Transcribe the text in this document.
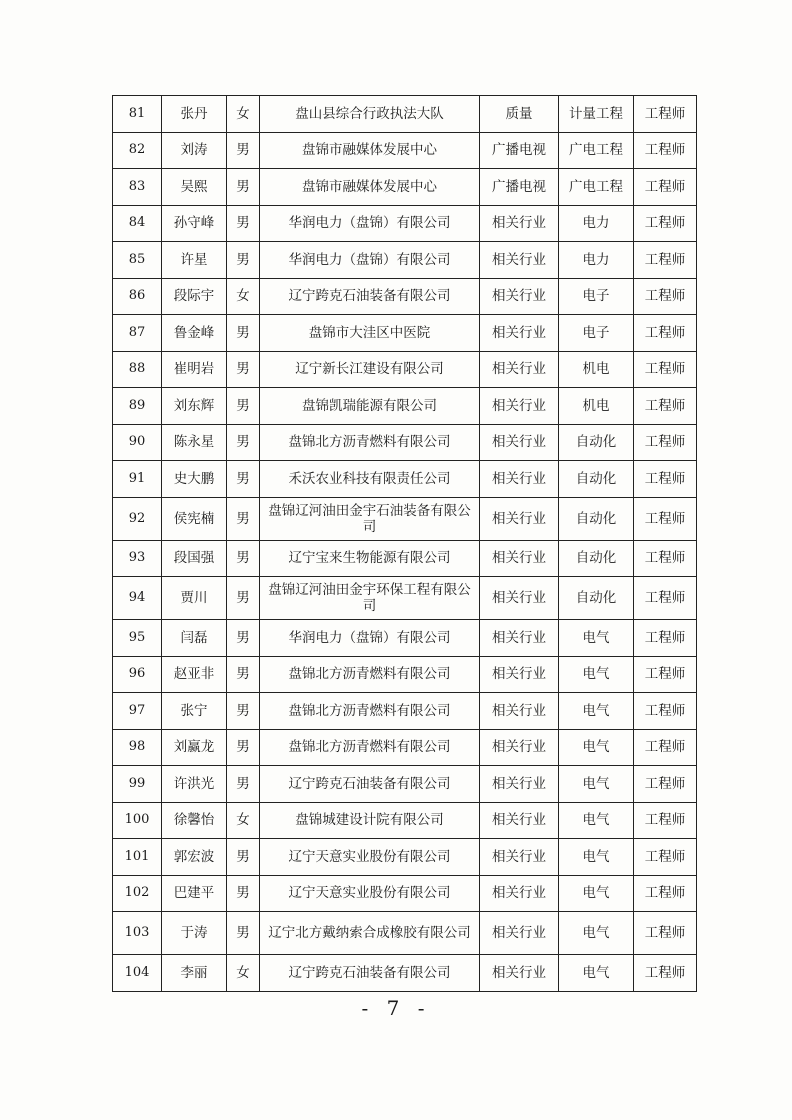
81	张丹	女	盘山县综合行政执法大队	质量	计量工程	工程师
82	刘涛	男	盘锦市融媒体发展中心	广播电视	广电工程	工程师
83	吴熙	男	盘锦市融媒体发展中心	广播电视	广电工程	工程师
84	孙守峰	男	华润电力（盘锦）有限公司	相关行业	电力	工程师
85	许星	男	华润电力（盘锦）有限公司	相关行业	电力	工程师
86	段际宇	女	辽宁跨克石油装备有限公司	相关行业	电子	工程师
87	鲁金峰	男	盘锦市大洼区中医院	相关行业	电子	工程师
88	崔明岩	男	辽宁新长江建设有限公司	相关行业	机电	工程师
89	刘东辉	男	盘锦凯瑞能源有限公司	相关行业	机电	工程师
90	陈永星	男	盘锦北方沥青燃料有限公司	相关行业	自动化	工程师
91	史大鹏	男	禾沃农业科技有限责任公司	相关行业	自动化	工程师
92	侯宪楠	男	盘锦辽河油田金宇石油装备有限公司	相关行业	自动化	工程师
93	段国强	男	辽宁宝来生物能源有限公司	相关行业	自动化	工程师
94	贾川	男	盘锦辽河油田金宇环保工程有限公司	相关行业	自动化	工程师
95	闫磊	男	华润电力（盘锦）有限公司	相关行业	电气	工程师
96	赵亚非	男	盘锦北方沥青燃料有限公司	相关行业	电气	工程师
97	张宁	男	盘锦北方沥青燃料有限公司	相关行业	电气	工程师
98	刘赢龙	男	盘锦北方沥青燃料有限公司	相关行业	电气	工程师
99	许洪光	男	辽宁跨克石油装备有限公司	相关行业	电气	工程师
100	徐馨怡	女	盘锦城建设计院有限公司	相关行业	电气	工程师
101	郭宏波	男	辽宁天意实业股份有限公司	相关行业	电气	工程师
102	巴建平	男	辽宁天意实业股份有限公司	相关行业	电气	工程师
103	于涛	男	辽宁北方戴纳索合成橡胶有限公司	相关行业	电气	工程师
104	李丽	女	辽宁跨克石油装备有限公司	相关行业	电气	工程师
- 7 -
